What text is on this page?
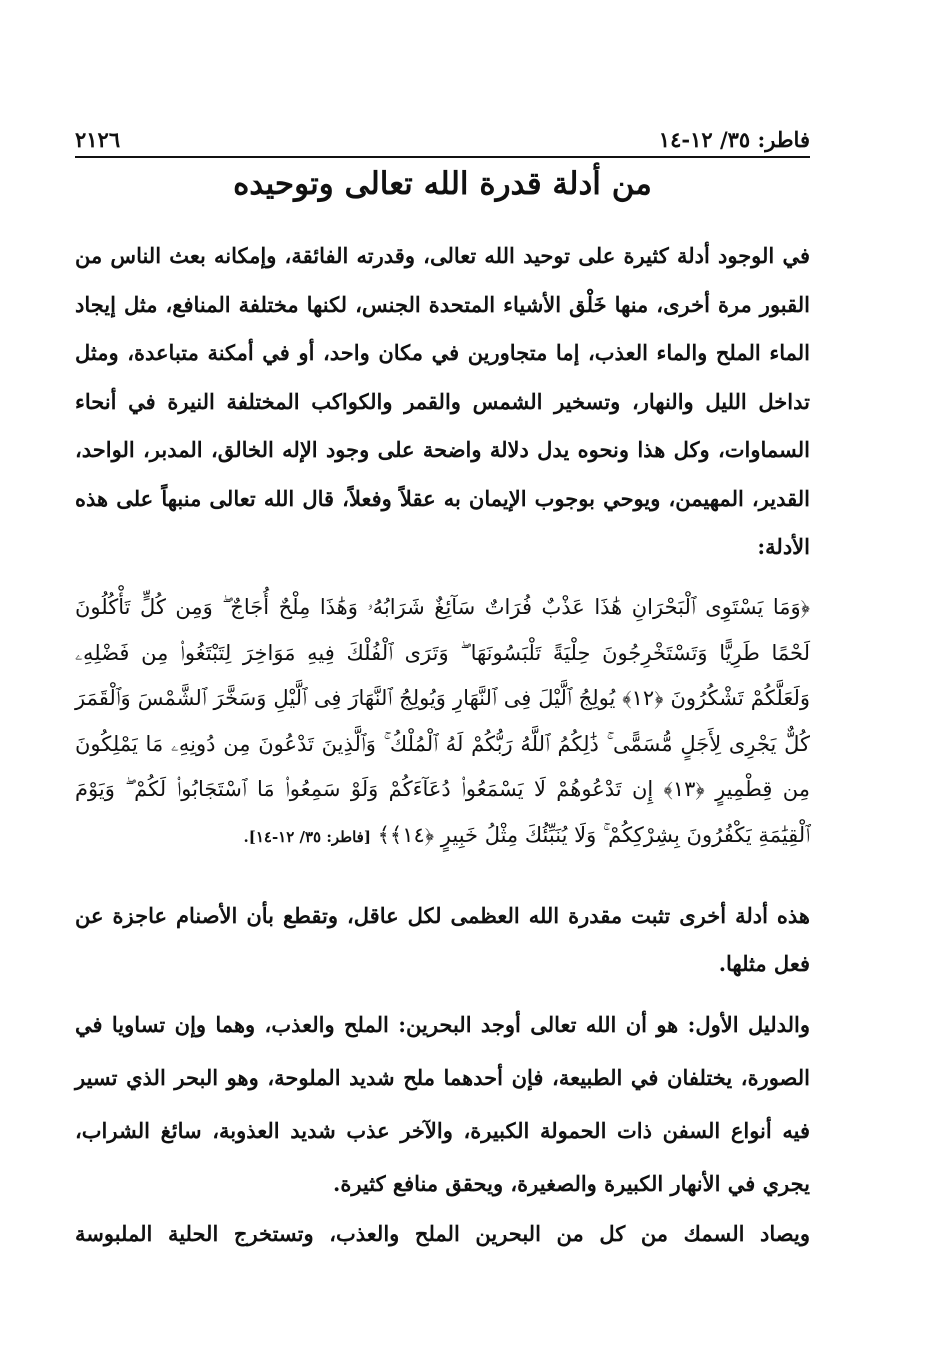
فاطر: ٣٥/ ١٢-١٤
٢١٢٦
من أدلة قدرة الله تعالى وتوحيده
في الوجود أدلة كثيرة على توحيد الله تعالى، وقدرته الفائقة، وإمكانه بعث الناس من القبور مرة أخرى، منها خَلْق الأشياء المتحدة الجنس، لكنها مختلفة المنافع، مثل إيجاد الماء الملح والماء العذب، إما متجاورين في مكان واحد، أو في أمكنة متباعدة، ومثل تداخل الليل والنهار، وتسخير الشمس والقمر والكواكب المختلفة النيرة في أنحاء السماوات، وكل هذا ونحوه يدل دلالة واضحة على وجود الإله الخالق، المدبر، الواحد، القدير، المهيمن، ويوحي بوجوب الإيمان به عقلاً وفعلاً، قال الله تعالى منبهاً على هذه الأدلة:
﴿وَمَا يَسْتَوِى ٱلْبَحْرَانِ هَٰذَا عَذْبٌ فُرَاتٌ سَآئِغٌ شَرَابُهُۥ وَهَٰذَا مِلْحٌ أُجَاجٌ ۖ وَمِن كُلٍّ تَأْكُلُونَ لَحْمًا طَرِيًّا وَتَسْتَخْرِجُونَ حِلْيَةً تَلْبَسُونَهَا ۖ وَتَرَى ٱلْفُلْكَ فِيهِ مَوَاخِرَ لِتَبْتَغُوا۟ مِن فَضْلِهِۦ وَلَعَلَّكُمْ تَشْكُرُونَ ﴿١٢﴾ يُولِجُ ٱلَّيْلَ فِى ٱلنَّهَارِ وَيُولِجُ ٱلنَّهَارَ فِى ٱلَّيْلِ وَسَخَّرَ ٱلشَّمْسَ وَٱلْقَمَرَ كُلٌّ يَجْرِى لِأَجَلٍ مُّسَمًّى ۚ ذَٰلِكُمُ ٱللَّهُ رَبُّكُمْ لَهُ ٱلْمُلْكُ ۚ وَٱلَّذِينَ تَدْعُونَ مِن دُونِهِۦ مَا يَمْلِكُونَ مِن قِطْمِيرٍ ﴿١٣﴾ إِن تَدْعُوهُمْ لَا يَسْمَعُوا۟ دُعَآءَكُمْ وَلَوْ سَمِعُوا۟ مَا ٱسْتَجَابُوا۟ لَكُمْ ۖ وَيَوْمَ ٱلْقِيَٰمَةِ يَكْفُرُونَ بِشِرْكِكُمْ ۚ وَلَا يُنَبِّئُكَ مِثْلُ خَبِيرٍ ﴿١٤﴾﴾ [فاطر: ٣٥/ ١٢-١٤].
هذه أدلة أخرى تثبت مقدرة الله العظمى لكل عاقل، وتقطع بأن الأصنام عاجزة عن فعل مثلها.
والدليل الأول: هو أن الله تعالى أوجد البحرين: الملح والعذب، وهما وإن تساويا في الصورة، يختلفان في الطبيعة، فإن أحدهما ملح شديد الملوحة، وهو البحر الذي تسير فيه أنواع السفن ذات الحمولة الكبيرة، والآخر عذب شديد العذوبة، سائغ الشراب، يجري في الأنهار الكبيرة والصغيرة، ويحقق منافع كثيرة.
ويصاد السمك من كل من البحرين الملح والعذب، وتستخرج الحلية الملبوسة
